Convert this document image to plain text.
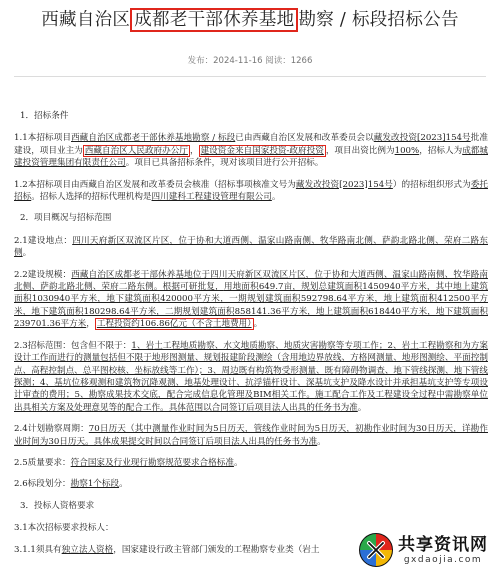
西藏自治区 成都老干部休养基地 勘察 / 标段招标公告
发布：2024-11-16 阅读：1266
1．招标条件
1.1本招标项目西藏自治区成都老干部休养基地勘察 / 标段已由西藏自治区发展和改革委员会以藏发改投资[2023]154号批准建设，项目业主为 西藏自治区人民政府办公厅 ， 建设资金来自国家投资-政府投资 ，项目出资比例为100%，招标人为成都城建投资管理集团有限责任公司。项目已具备招标条件，现对该项目进行公开招标。
1.2本招标项目由西藏自治区发展和改革委员会核准（招标事项核准文号为藏发改投资[2023]154号）的招标组织形式为委托招标。招标人选择的招标代理机构是四川建科工程建设管理有限公司。
2．项目概况与招标范围
2.1建设地点：四川天府新区双流区片区，位于协和大道西侧、温家山路南侧、牧华路南北侧、萨韵北路北侧、荣府二路东侧。
2.2建设规模：西藏自治区成都老干部休养基地位于四川天府新区双流区片区，位于协和大道西侧、温家山路南侧、牧华路南北侧、萨韵北路北侧、荣府二路东侧。根据可研批复，用地面积649.7亩，规划总建筑面积1450940平方米，其中地上建筑面积1030940平方米，地下建筑面积420000平方米，一期规划建筑面积592798.64平方米，地上建筑面积412500平方米，地下建筑面积180298.64平方米，二期规划建筑面积858141.36平方米，地上建筑面积618440平方米，地下建筑面积239701.36平方米， 工程投资约106.86亿元（不含土地费用） 。
2.3招标范围：包含但不限于：1、岩土工程地质勘察、水文地质勘察、地质灾害勘察等专项工作；2、岩土工程勘察和为方案设计工作而进行的测量包括但不限于地形图测量、规划报建阶段测绘（含用地边界放线、方格网测量、地形图测绘、平面控制点、高程控制点、总平图校核、坐标放线等工作）；3、周边既有构筑物受形测量、既有障碍物调查、地下管线探测、地下管线探测；4、基坑位移观测和建筑物沉降观测、地基处理设计、抗浮锚杆设计、深基坑支护及降水设计并承担基坑支护等专项设计审查的费用；5、勘察成果技术交底，配合完成信息化管理及BIM相关工作。施工配合工作及工程建设全过程中需勘察单位出具相关方案及处理意见等的配合工作。具体范围以合同签订后项目法人出具的任务书为准。
2.4计划勘察周期：70日历天（其中测量作业时间为5日历天，管线作业时间为5日历天，初勘作业时间为30日历天，详勘作业时间为30日历天。具体成果提交时间以合同签订后项目法人出具的任务书为准。
2.5质量要求：符合国家及行业现行勘察规范要求合格标准。
2.6标段划分：勘察1个标段。
3．投标人资格要求
3.1本次招标要求投标人：
3.1.1须具有独立法人资格，国家建设行政主管部门颁发的工程勘察专业类（岩土	共享资讯网
gxdaojia.com
